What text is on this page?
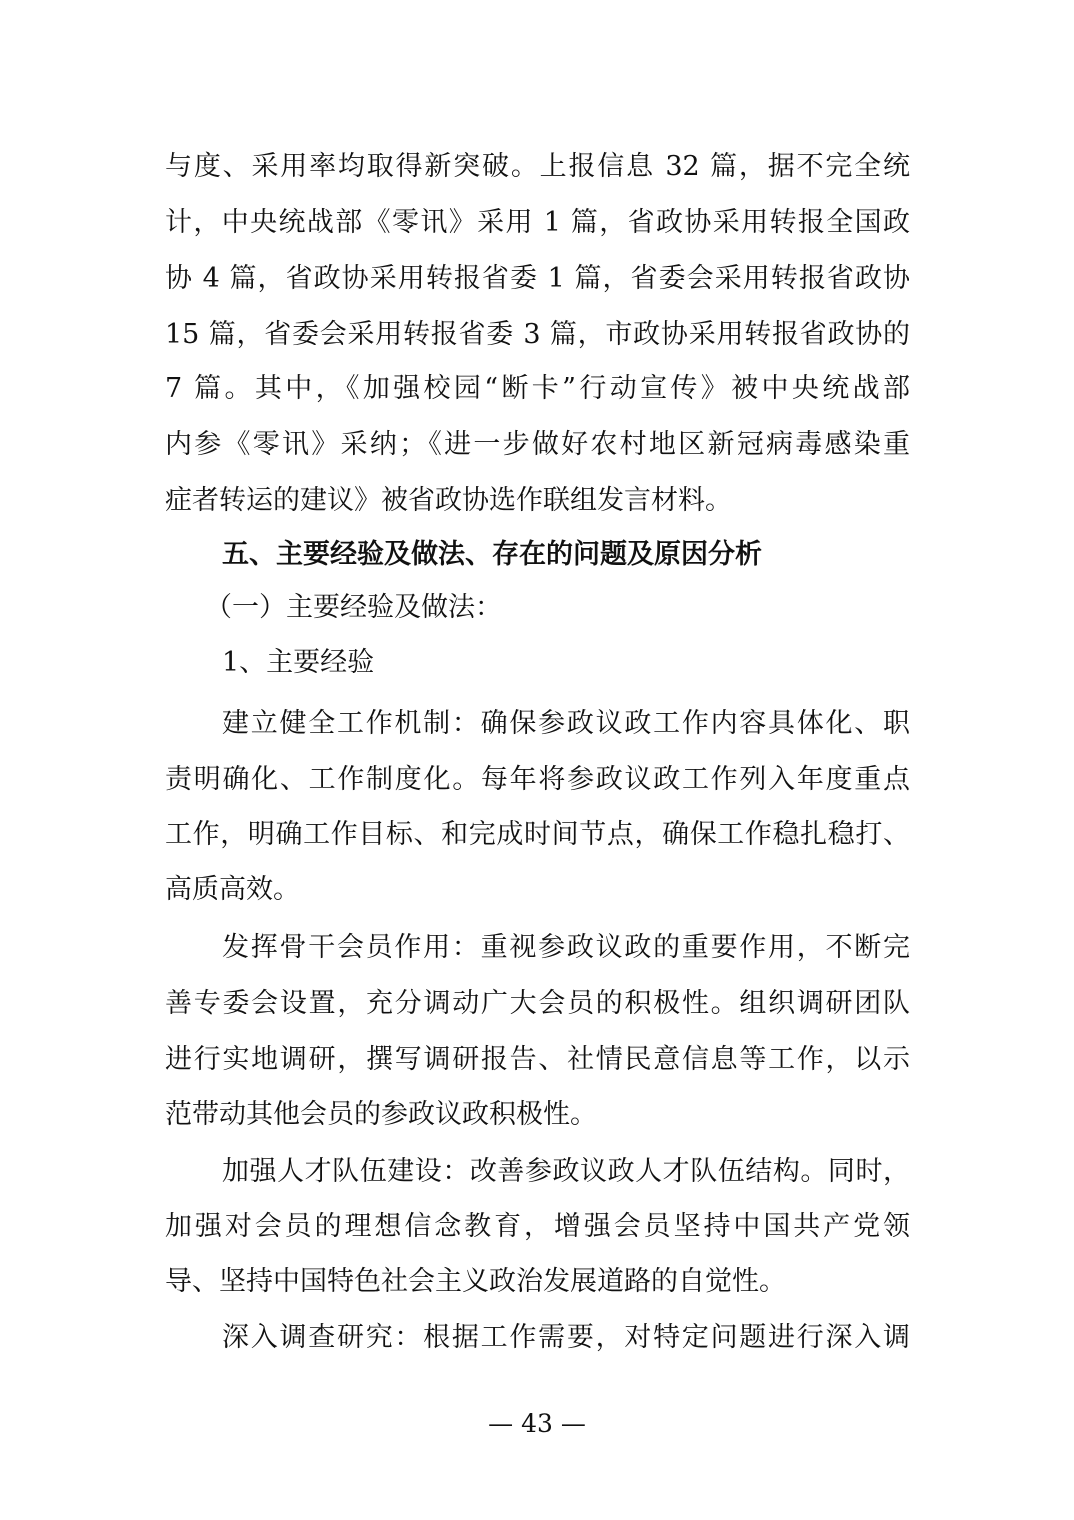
与度、采用率均取得新突破。上报信息 32 篇，据不完全统
计，中央统战部《零讯》采用 1 篇，省政协采用转报全国政
协 4 篇，省政协采用转报省委 1 篇，省委会采用转报省政协
15 篇，省委会采用转报省委 3 篇，市政协采用转报省政协的
7 篇。其中，《加强校园“断卡”行动宣传》被中央统战部
内参《零讯》采纳；《进一步做好农村地区新冠病毒感染重
症者转运的建议》被省政协选作联组发言材料。
五、主要经验及做法、存在的问题及原因分析
（一）主要经验及做法：
1、主要经验
建立健全工作机制：确保参政议政工作内容具体化、职
责明确化、工作制度化。每年将参政议政工作列入年度重点
工作，明确工作目标、和完成时间节点，确保工作稳扎稳打、
高质高效。
发挥骨干会员作用：重视参政议政的重要作用，不断完
善专委会设置，充分调动广大会员的积极性。组织调研团队
进行实地调研，撰写调研报告、社情民意信息等工作，以示
范带动其他会员的参政议政积极性。
加强人才队伍建设：改善参政议政人才队伍结构。同时，
加强对会员的理想信念教育，增强会员坚持中国共产党领
导、坚持中国特色社会主义政治发展道路的自觉性。
深入调查研究：根据工作需要，对特定问题进行深入调
— 43 —
